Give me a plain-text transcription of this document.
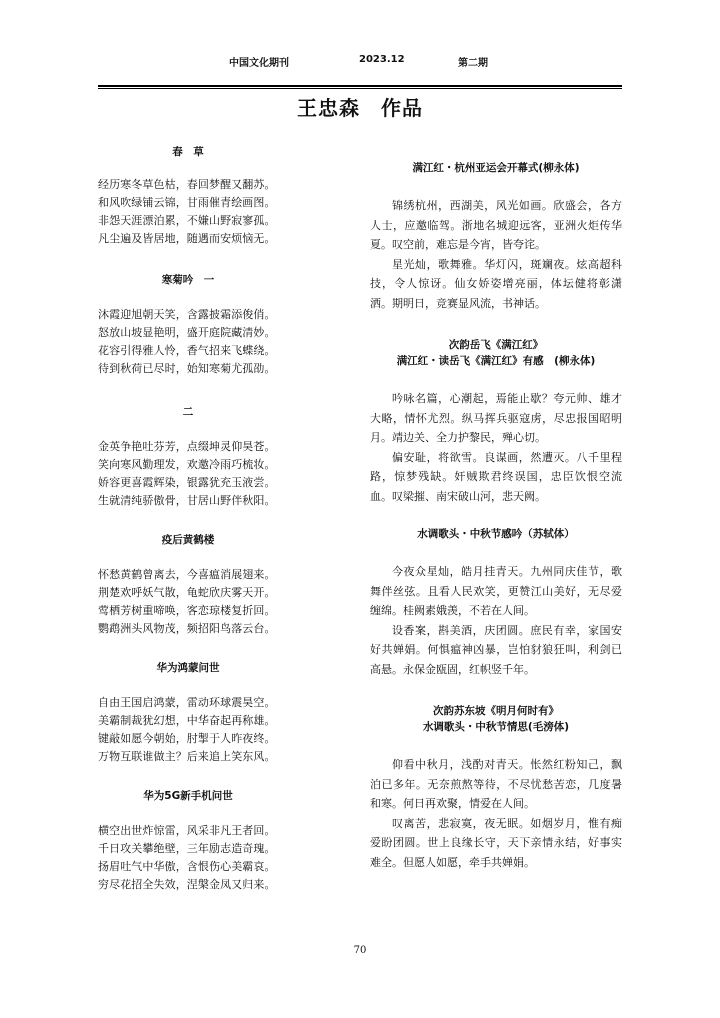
中国文化期刊	2023.12	第二期
王忠森　作品
春　草
经历寒冬草色枯，春回梦醒又翻苏。
和风吹绿铺云锦，甘雨催青绘画图。
非怨天涯漂泊累，不嫌山野寂寥孤。
凡尘遍及皆居地，随遇而安烦恼无。
寒菊吟　一
沐霞迎旭朝天笑，含露披霜添俊俏。
怒放山坡显艳明，盛开庭院藏清妙。
花容引得雅人怜，香气招来飞蝶绕。
待到秋荷已尽时，始知寒菊尤孤劭。
二
金英争艳吐芬芳，点缀坤灵仰昊苍。
笑向寒风勤理发，欢邀冷雨巧梳妆。
娇容更喜霞辉染，银露犹充玉液尝。
生就清纯骄傲骨，甘居山野伴秋阳。
疫后黄鹤楼
怀愁黄鹤曾离去，今喜瘟消展翅来。
荆楚欢呼妖气散，龟蛇欣庆雾天开。
莺栖芳树重啼唤，客恋琼楼复折回。
鹦鹉洲头风物茂，频招阳鸟落云台。
华为鸿蒙问世
自由王国启鸿蒙，雷动环球震昊空。
美霸制裁犹幻想，中华奋起再称雄。
键敲如愿今朝始，肘掣于人昨夜终。
万物互联谁做主？后来追上笑东风。
华为5G新手机问世
横空出世炸惊雷，风采非凡王者回。
千日攻关攀绝壁，三年励志造奇瑰。
扬眉吐气中华傲，含恨伤心美霸哀。
穷尽花招全失效，涅槃金凤又归来。
满江红・杭州亚运会开幕式(柳永体)
锦绣杭州，西湖美，风光如画。欣盛会，各方人士，应邀临驾。浙地名城迎远客，亚洲火炬传华夏。叹空前，难忘是今宵，皆夸诧。
星光灿，歌舞雅。华灯闪，斑斓夜。炫高超科技，令人惊讶。仙女娇姿增亮丽，体坛健将彰潇洒。期明日，竞赛显风流，书神话。
次韵岳飞《满江红》
满江红・读岳飞《满江红》有感　(柳永体)
吟咏名篇，心潮起，焉能止歇？夸元帅、雄才大略，情怀尤烈。纵马挥兵驱寇虏，尽忠报国昭明月。靖边关、全力护黎民，殚心切。
偏安耻，将欲雪。良谋画，然遭灭。八千里程路，惊梦残缺。奸贼欺君终误国，忠臣饮恨空流血。叹梁摧、南宋破山河，悲天阙。
水调歌头・中秋节感吟（苏轼体）
今夜众星灿，皓月挂青天。九州同庆佳节，歌舞伴丝弦。且看人民欢笑，更赞江山美好，无尽爱缠绵。桂阙素娥羡，不若在人间。
设香案，斟美酒，庆团圆。庶民有幸，家国安好共婵娟。何惧瘟神凶暴，岂怕豺狼狂叫，利剑已高悬。永保金瓯固，红帜竖千年。
次韵苏东坡《明月何时有》
水调歌头・中秋节情思(毛滂体)
仰看中秋月，浅酌对青天。怅然红粉知己，飘泊已多年。无奈煎熬等待，不尽忧愁苦恋，几度暑和寒。何日再欢聚，情爱在人间。
叹离苦，悲寂寞，夜无眠。如烟岁月，惟有痴爱盼团圆。世上良缘长守，天下亲情永结，好事实难全。但愿人如愿，牵手共婵娟。
70
